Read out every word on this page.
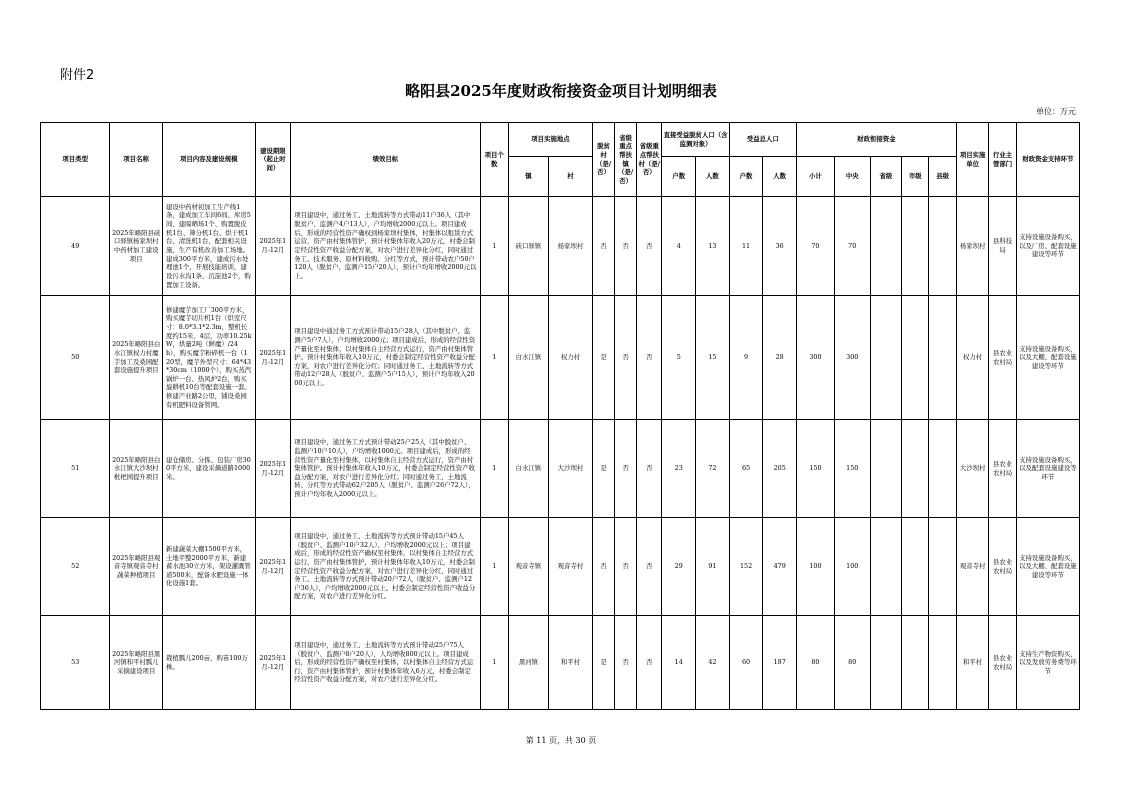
附件2
略阳县2025年度财政衔接资金项目计划明细表
单位：万元
项目类型	项目名称	项目内容及建设规模	建设期限（起止时间）	绩效目标	项目个数	项目实施地点		脱贫村（是/否）	省级重点帮扶镇（是/否）	省级重点帮扶村（是/否）	直接受益脱贫人口（含监测对象）		受益总人口		财政衔接资金					项目实施单位	行业主管部门	财政资金支持环节
						镇	村				户数	人数	户数	人数	小计	中央	省级	市级	县级			
49	2025年略阳县硖口驿镇杨家坝村中药材加工建设项目	建设中药材初加工生产线1条，建成加工车间6间、库房5间、建晾晒场1个、购置脱皮机1台、筛分机1台、烘干机1台、清洗机1台，配套相关设施，生产有机改善加工场地。建成300平方米，建成污水处理池1个，开展技能培训，建设污水沟1条、沉淀池2个，购置加工设备。	2025年1月-12月	项目建设中，通过务工、土地流转等方式带动11户36人（其中脱贫户、监测户4户13人），户均增收2000元以上。项目建成后，形成的经营性资产确权到杨家坝村集体，村集体以租赁方式运营，资产由村集体管护，预计村集体年收入20万元，村委会制定经营性资产收益分配方案，对农户进行差异化分红，同时通过务工、技术服务、原材料收购、分红等方式，预计带动农户50户120人（脱贫户、监测户15户20人），预计户均年增收2000元以上。	1	硖口驿镇	杨家坝村	否	否	否	4	13	11	36	70	70				杨家坝村	县科技局	支持设施设备购买，以及厂房、配套设施建设等环节
50	2025年略阳县白水江镇权力村魔芋加工及桑园配套设施提升项目	修建魔芋加工厂300平方米，购买魔芋切片机1台（烘室尺寸：8.0*3.1*2.3m，整机长度约15米，4层，功率10.25kW，烘量2吨（鲜魔）/24h），购买魔芋粉碎机一台（120型，魔芋外型尺寸：64*43*30cm（1000个），购买蒸汽锅炉一台、热风炉2台，购买旋耕机10台等配套设施一套。修建产业路2公里，铺设桑园有机肥料设备管网。	2025年1月-12月	项目建设中通过务工方式预计带动15户28人（其中脱贫户、监测户5户7人），户均增收2000元；项目建成后，形成的经营性资产量化至村集体，以村集体自主经营方式运行，资产由村集体管护。预计村集体年收入10万元，村委会制定经营性资产收益分配方案，对农户进行差异化分红；同时通过务工、土地流转等方式带动12户28人（脱贫户、监测户5户15人），预计户均年收入2000元以上。	1	白水江镇	权力村	是	否	否	5	15	9	28	300	300				权力村	县农业农村局	支持设施设备购买，以及大棚、配套设施建设等环节
51	2025年略阳县白水江镇大沙坝村枇杷园提升项目	建仓储房、分拣、包装厂房300平方米，建设采摘道路1000米。	2025年1月-12月	项目建设中，通过务工方式预计带动25户25人（其中脱贫户、监测户10户10人），户均增收1000元。项目建成后，形成的经营性资产量化至村集体，以村集体自主经营方式运行，资产由村集体管护。预计村集体年收入10万元，村委会制定经营性资产收益分配方案，对农户进行差异化分红；同时通过务工、土地流转、分红等方式带动62户205人（脱贫户、监测户26户72人），预计户均年收入2000元以上。	1	白水江镇	大沙坝村	是	否	否	23	72	65	205	150	150				大沙坝村	县农业农村局	支持设施设备购买，以及配套设施建设等环节
52	2025年略阳县观音寺镇观音寺村蔬菜种植项目	新建蔬菜大棚1500平方米，土地平整2000平方米，新建蓄水池30立方米，架设灌溉管道500米，配备水肥设施一体化设施1套。	2025年1月-12月	项目建设中，通过务工、土地流转等方式预计带动15户45人（脱贫户、监测户10户32人），户均增收2000元以上；项目建成后，形成的经营性资产确权至村集体，以村集体自主经营方式运行，资产由村集体管护，预计村集体年收入10万元，村委会制定经营性资产收益分配方案，对农户进行差异化分红，同时通过务工、土地流转等方式预计带动20户72人（脱贫户、监测户12户36人），户均增收2000元以上。村委会制定经营性资产收益分配方案，对农户进行差异化分红。	1	观音寺镇	观音寺村	否	否	否	29	91	152	479	100	100				观音寺村	县农业农村局	支持设施设备购买，以及大棚、配套设施建设等环节
53	2025年略阳县黑河镇和平村瓢儿采摘建设项目	栽植瓢儿200亩，购苗100万株。	2025年1月-12月	项目建设中，通过务工、土地流转等方式预计带动25户75人（脱贫户、监测户8户20人），人均增收800元以上。项目建成后，形成的经营性资产确权至村集体，以村集体自主经营方式运行，资产由村集体管护，预计村集体年收入6万元，村委会制定经营性资产收益分配方案，对农户进行差异化分红。	1	黑河镇	和平村	是	否	否	14	42	60	187	80	80				和平村	县农业农村局	支持生产物资购买，以及发放劳务费等环节
第 11 页，共 30 页
